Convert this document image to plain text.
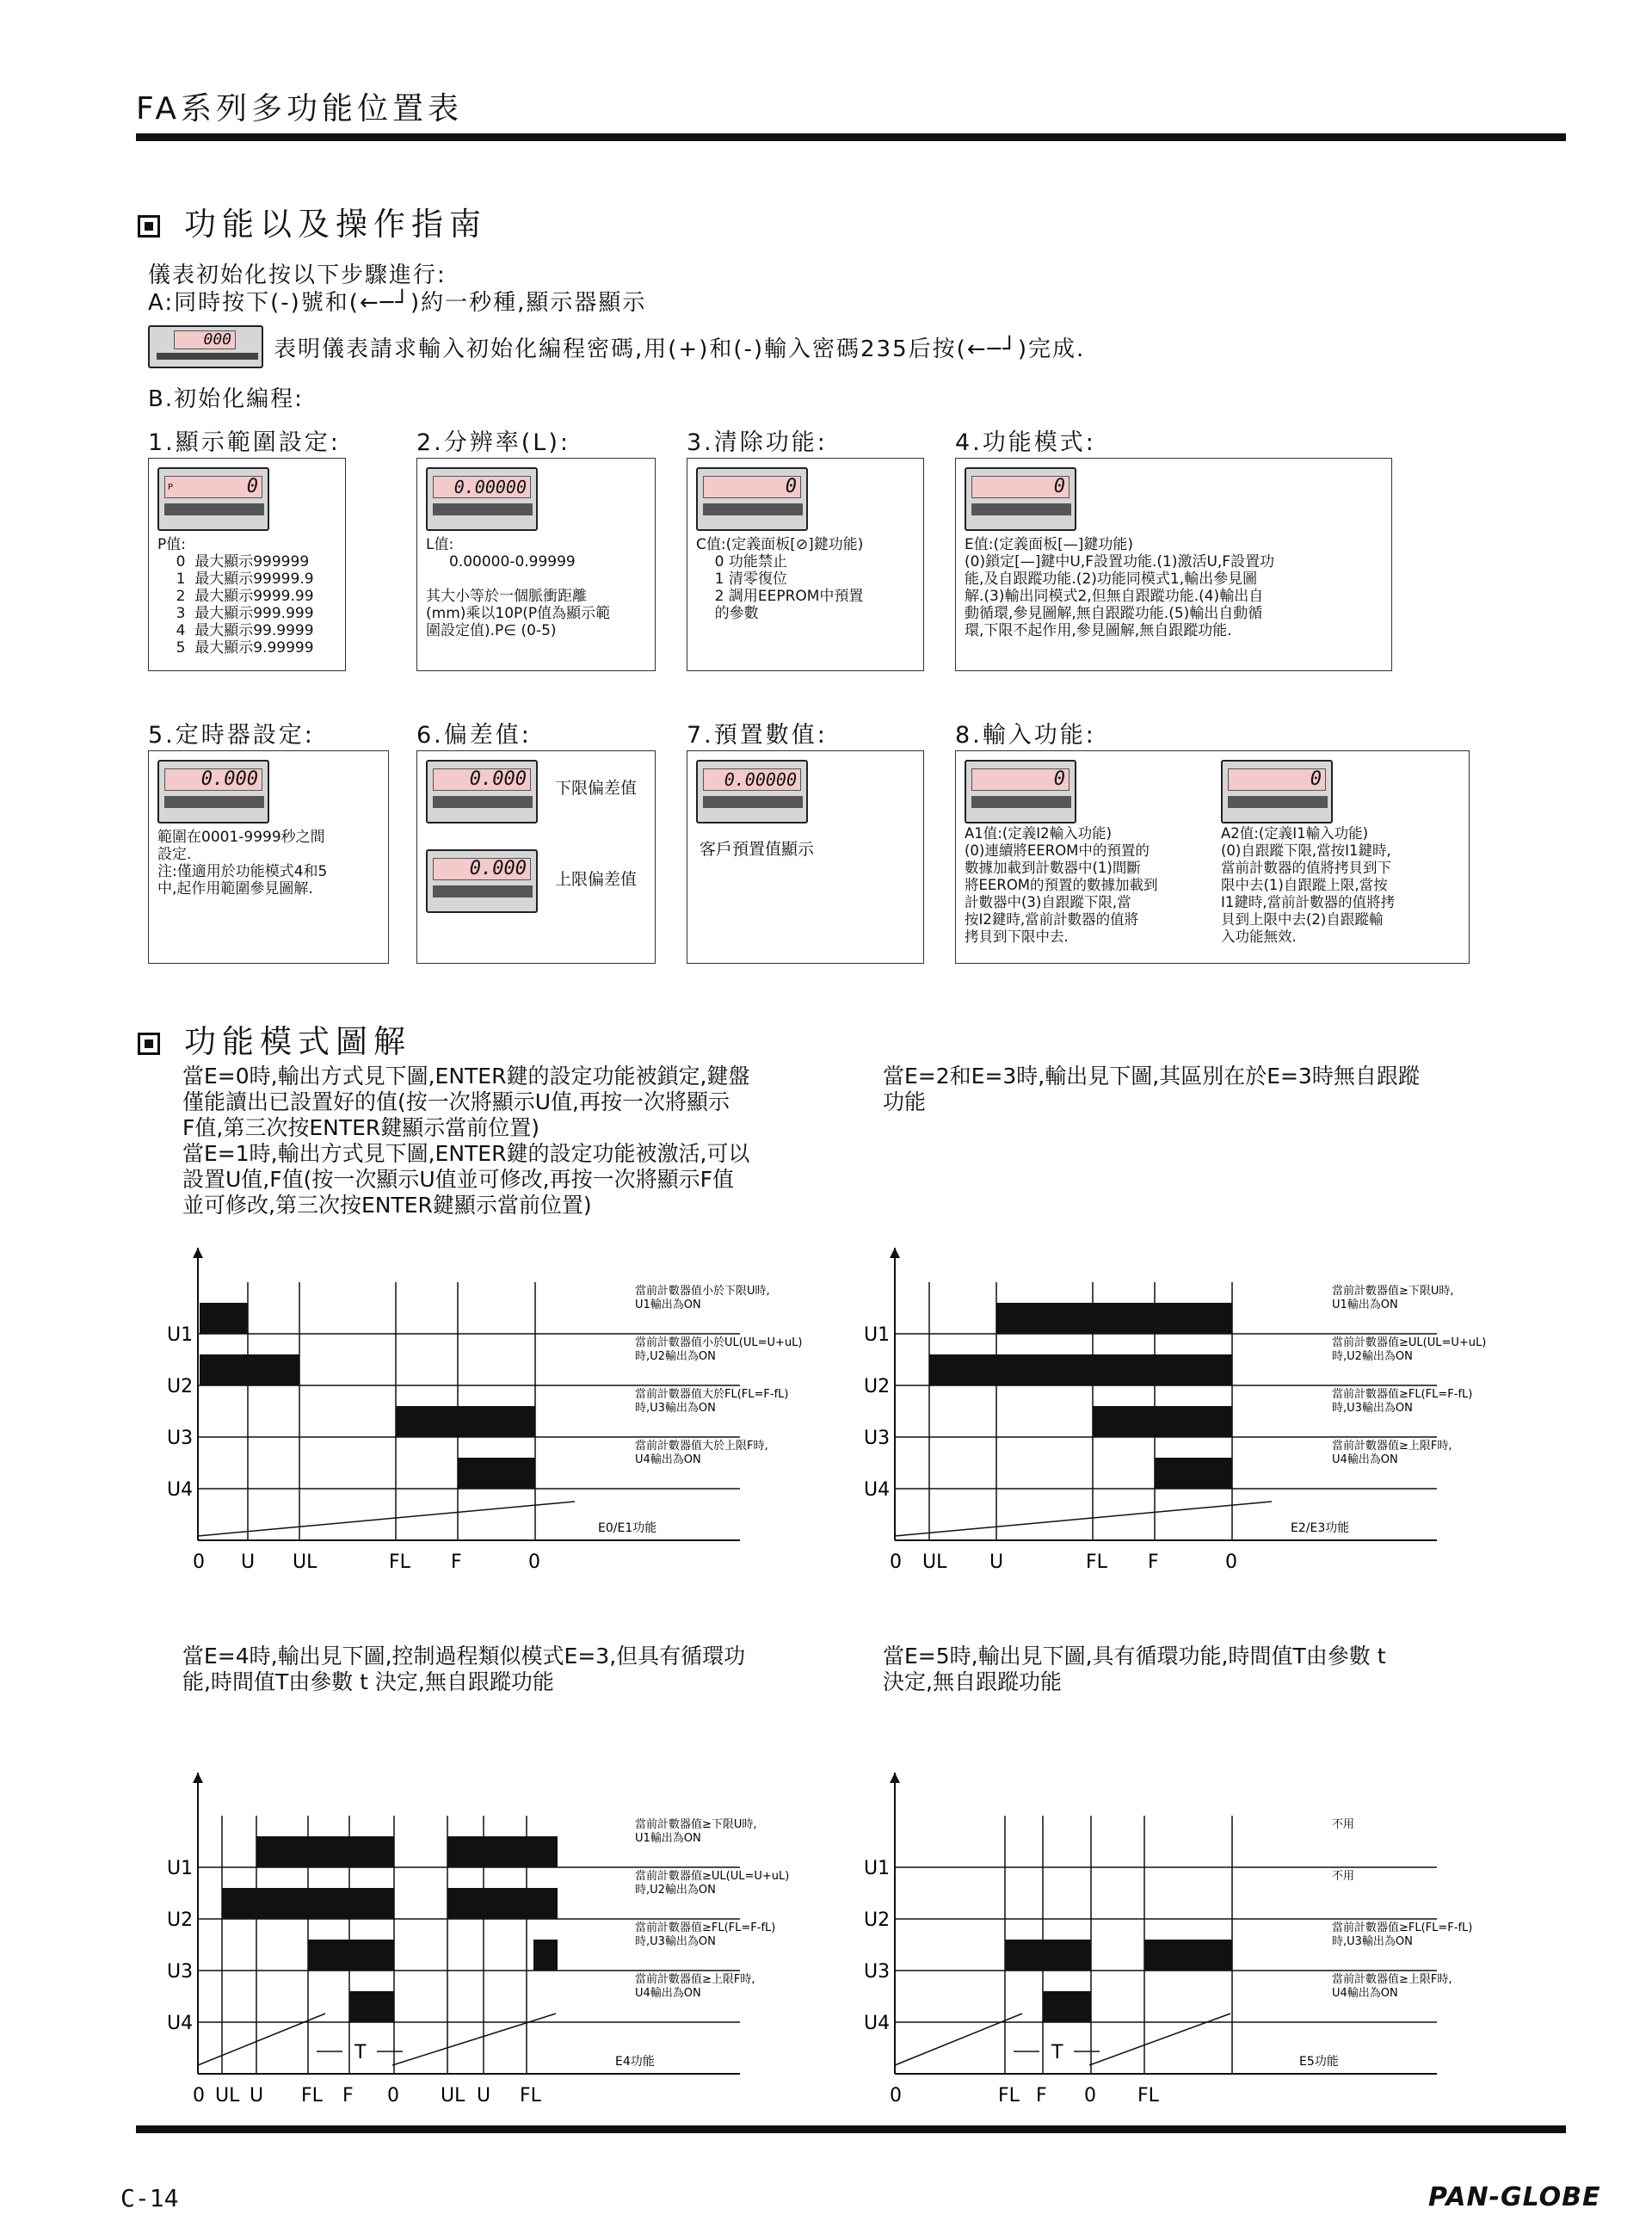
FA系列多功能位置表
功能以及操作指南
儀表初始化按以下步驟進行:
A:同時按下(-)號和(←─┘)約一秒種,顯示器顯示
000 表明儀表請求輸入初始化編程密碼,用(+)和(-)輸入密碼235后按(←─┘)完成.
B.初始化編程:
1.顯示範圍設定:	2.分辨率(L):	3.清除功能:	4.功能模式:
0
P
P值:
0  最大顯示999999
1  最大顯示99999.9
2  最大顯示9999.99
3  最大顯示999.999
4  最大顯示99.9999
5  最大顯示9.99999
0.00000
L值:
0.00000-0.99999

其大小等於一個脈衝距離
(mm)乘以10P(P值為顯示範
圍設定值).P∈ (0-5)
0
C值:(定義面板[⊘]鍵功能)
0 功能禁止
1 清零復位
2 調用EEPROM中預置
的參數
0
E值:(定義面板[—]鍵功能)
(0)鎖定[—]鍵中U,F設置功能.(1)激活U,F設置功
能,及自跟蹤功能.(2)功能同模式1,輸出參見圖
解.(3)輸出同模式2,但無自跟蹤功能.(4)輸出自
動循環,參見圖解,無自跟蹤功能.(5)輸出自動循
環,下限不起作用,參見圖解,無自跟蹤功能.
5.定時器設定:	6.偏差值:	7.預置數值:	8.輸入功能:
0.000
範圍在0001-9999秒之間
設定.
注:僅適用於功能模式4和5
中,起作用範圍參見圖解.
0.000 下限偏差值
0.000 上限偏差值
0.00000
客戶預置值顯示
0	0
A1值:(定義I2輸入功能)
(0)連續將EEROM中的預置的
數據加載到計數器中(1)間斷
將EEROM的預置的數據加載到
計數器中(3)自跟蹤下限,當
按I2鍵時,當前計數器的值將
拷貝到下限中去.
A2值:(定義I1輸入功能)
(0)自跟蹤下限,當按I1鍵時,
當前計數器的值將拷貝到下
限中去(1)自跟蹤上限,當按
I1鍵時,當前計數器的值將拷
貝到上限中去(2)自跟蹤輸
入功能無效.
功能模式圖解
當E=0時,輸出方式見下圖,ENTER鍵的設定功能被鎖定,鍵盤
僅能讀出已設置好的值(按一次將顯示U值,再按一次將顯示
F值,第三次按ENTER鍵顯示當前位置)
當E=1時,輸出方式見下圖,ENTER鍵的設定功能被激活,可以
設置U值,F值(按一次顯示U值並可修改,再按一次將顯示F值
並可修改,第三次按ENTER鍵顯示當前位置)
當E=2和E=3時,輸出見下圖,其區別在於E=3時無自跟蹤
功能
當E=4時,輸出見下圖,控制過程類似模式E=3,但具有循環功
能,時間值T由參數 t 決定,無自跟蹤功能
當E=5時,輸出見下圖,具有循環功能,時間值T由參數 t
決定,無自跟蹤功能
U1
U2
U3
U4
0 U UL	FL F	0
E0/E1功能
當前計數器值小於下限U時,
U1輸出為ON
當前計數器值小於UL(UL=U+uL)
時,U2輸出為ON
當前計數器值大於FL(FL=F-fL)
時,U3輸出為ON
當前計數器值大於上限F時,
U4輸出為ON
U1
U2
U3
U4
0 UL U	FL F	0
E2/E3功能
當前計數器值≥下限U時,
U1輸出為ON
當前計數器值≥UL(UL=U+uL)
時,U2輸出為ON
當前計數器值≥FL(FL=F-fL)
時,U3輸出為ON
當前計數器值≥上限F時,
U4輸出為ON
U1
U2
U3
U4
0 UL U FL F 0 UL U FL
E4功能
T
當前計數器值≥下限U時,
U1輸出為ON
當前計數器值≥UL(UL=U+uL)
時,U2輸出為ON
當前計數器值≥FL(FL=F-fL)
時,U3輸出為ON
當前計數器值≥上限F時,
U4輸出為ON
U1
U2
U3
U4
0	FL F 0 FL
E5功能
T
不用
不用
當前計數器值≥FL(FL=F-fL)
時,U3輸出為ON
當前計數器值≥上限F時,
U4輸出為ON
C-14	PAN-GLOBE
